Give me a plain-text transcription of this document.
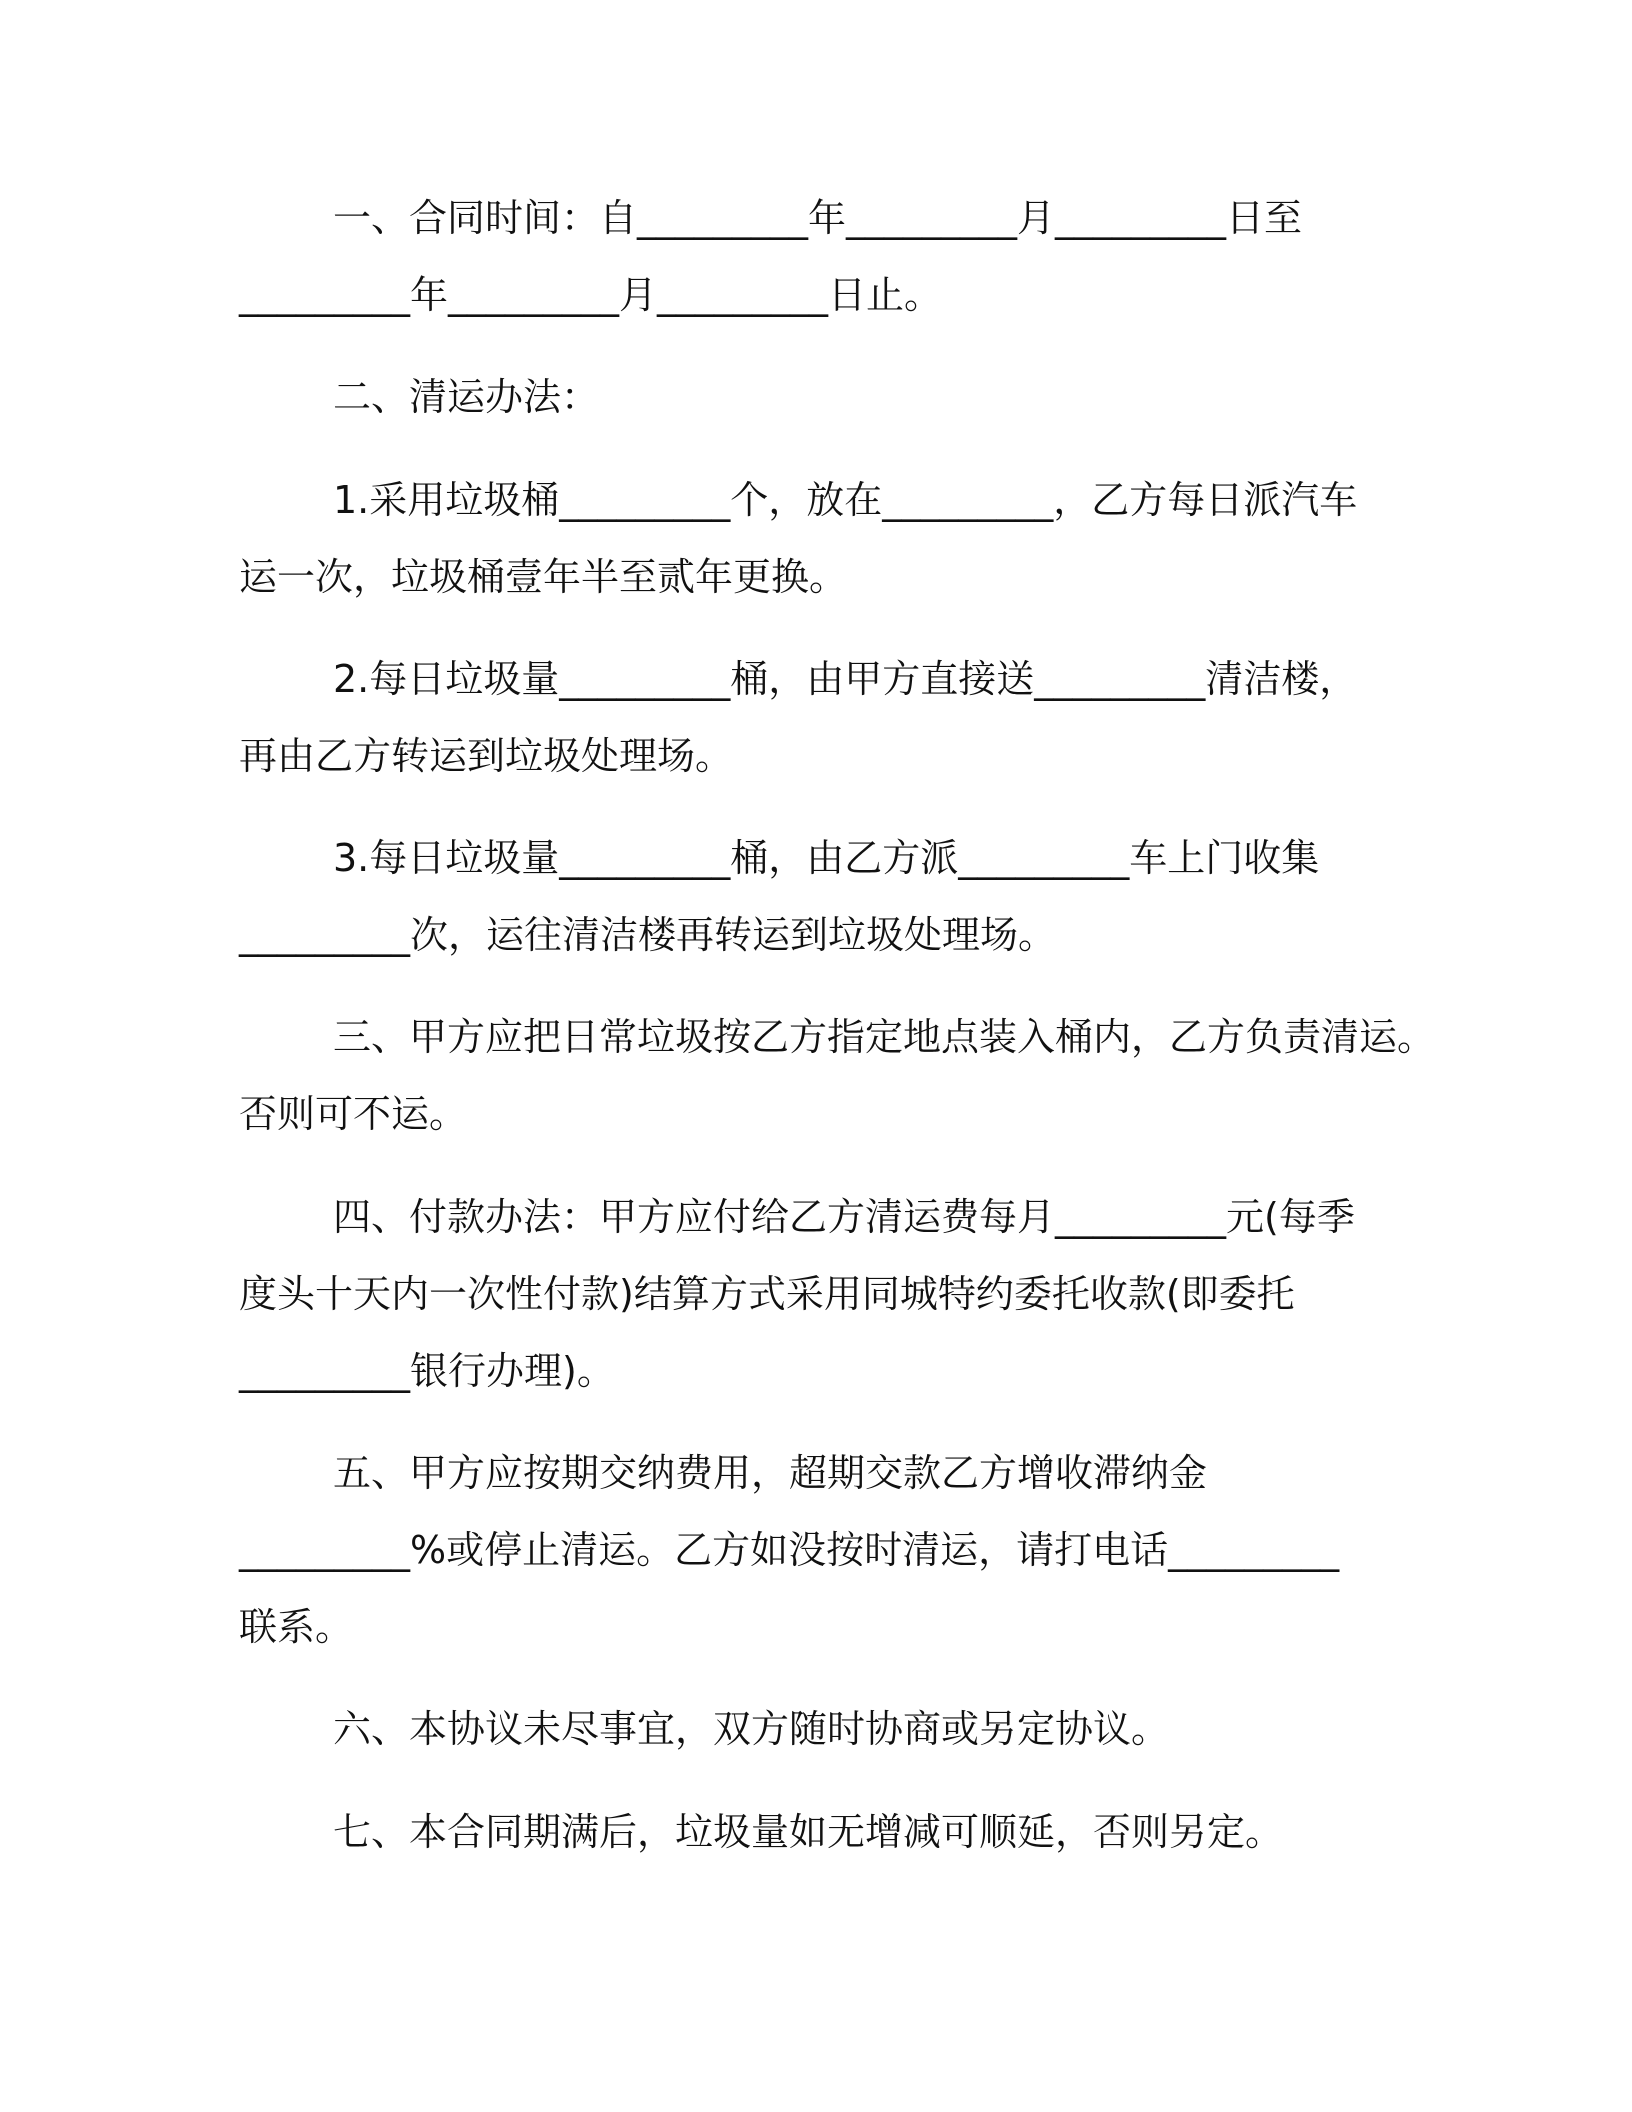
一、合同时间：自_________年_________月_________日至
_________年_________月_________日止。
二、清运办法：
1.采用垃圾桶_________个，放在_________，乙方每日派汽车
运一次，垃圾桶壹年半至贰年更换。
2.每日垃圾量_________桶，由甲方直接送_________清洁楼，
再由乙方转运到垃圾处理场。
3.每日垃圾量_________桶，由乙方派_________车上门收集
_________次，运往清洁楼再转运到垃圾处理场。
三、甲方应把日常垃圾按乙方指定地点装入桶内，乙方负责清运。
否则可不运。
四、付款办法：甲方应付给乙方清运费每月_________元(每季
度头十天内一次性付款)结算方式采用同城特约委托收款(即委托
_________银行办理)。
五、甲方应按期交纳费用，超期交款乙方增收滞纳金
_________%或停止清运。乙方如没按时清运，请打电话_________
联系。
六、本协议未尽事宜，双方随时协商或另定协议。
七、本合同期满后，垃圾量如无增减可顺延，否则另定。
